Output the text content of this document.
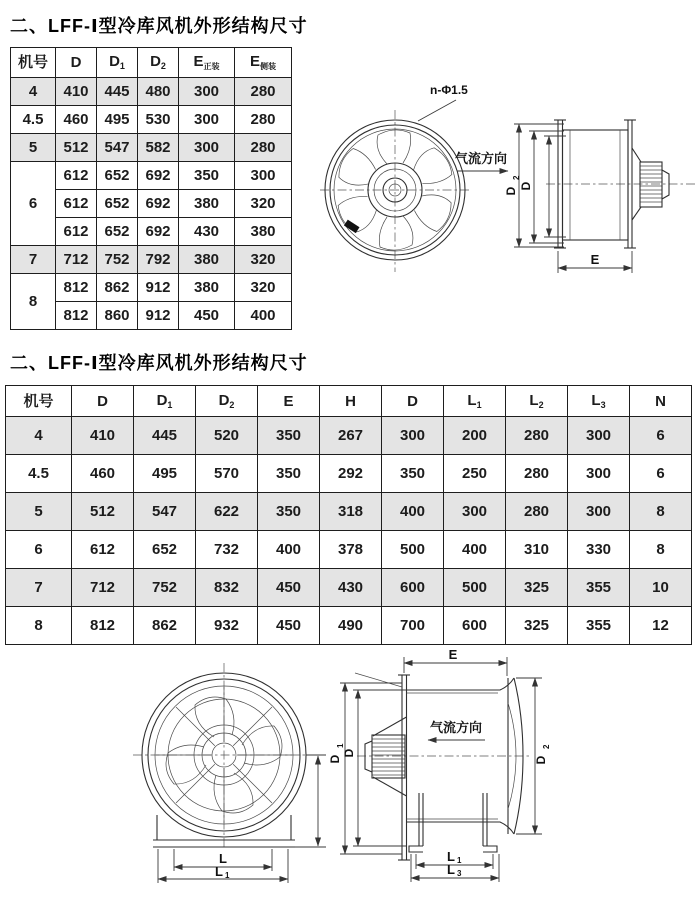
二、LFF-Ⅰ型冷库风机外形结构尺寸
机号	D	$D_1$	$D_2$	$E_{正装}$	$E_{侧装}$
4	410	445	480	300	280
4.5	460	495	530	300	280
5	512	547	582	300	280
6	612	652	692	350	300
	612	652	692	380	320
	612	652	692	430	380
7	712	752	792	380	320
8	812	862	912	380	320
	812	860	912	450	400
n-Φ1.5
气流方向
D
2
D
E
二、LFF-Ⅰ型冷库风机外形结构尺寸
机号	D	$D_1$	$D_2$	E	H	D	$L_1$	$L_2$	$L_3$	N
4	410	445	520	350	267	300	200	280	300	6
4.5	460	495	570	350	292	350	250	280	300	6
5	512	547	622	350	318	400	300	280	300	8
6	612	652	732	400	378	500	400	310	330	8
7	712	752	832	450	430	600	500	325	355	10
8	812	862	932	450	490	700	600	325	355	12
L
L 1
E
气流方向
D
1
D
D
2
L 1
L 3
